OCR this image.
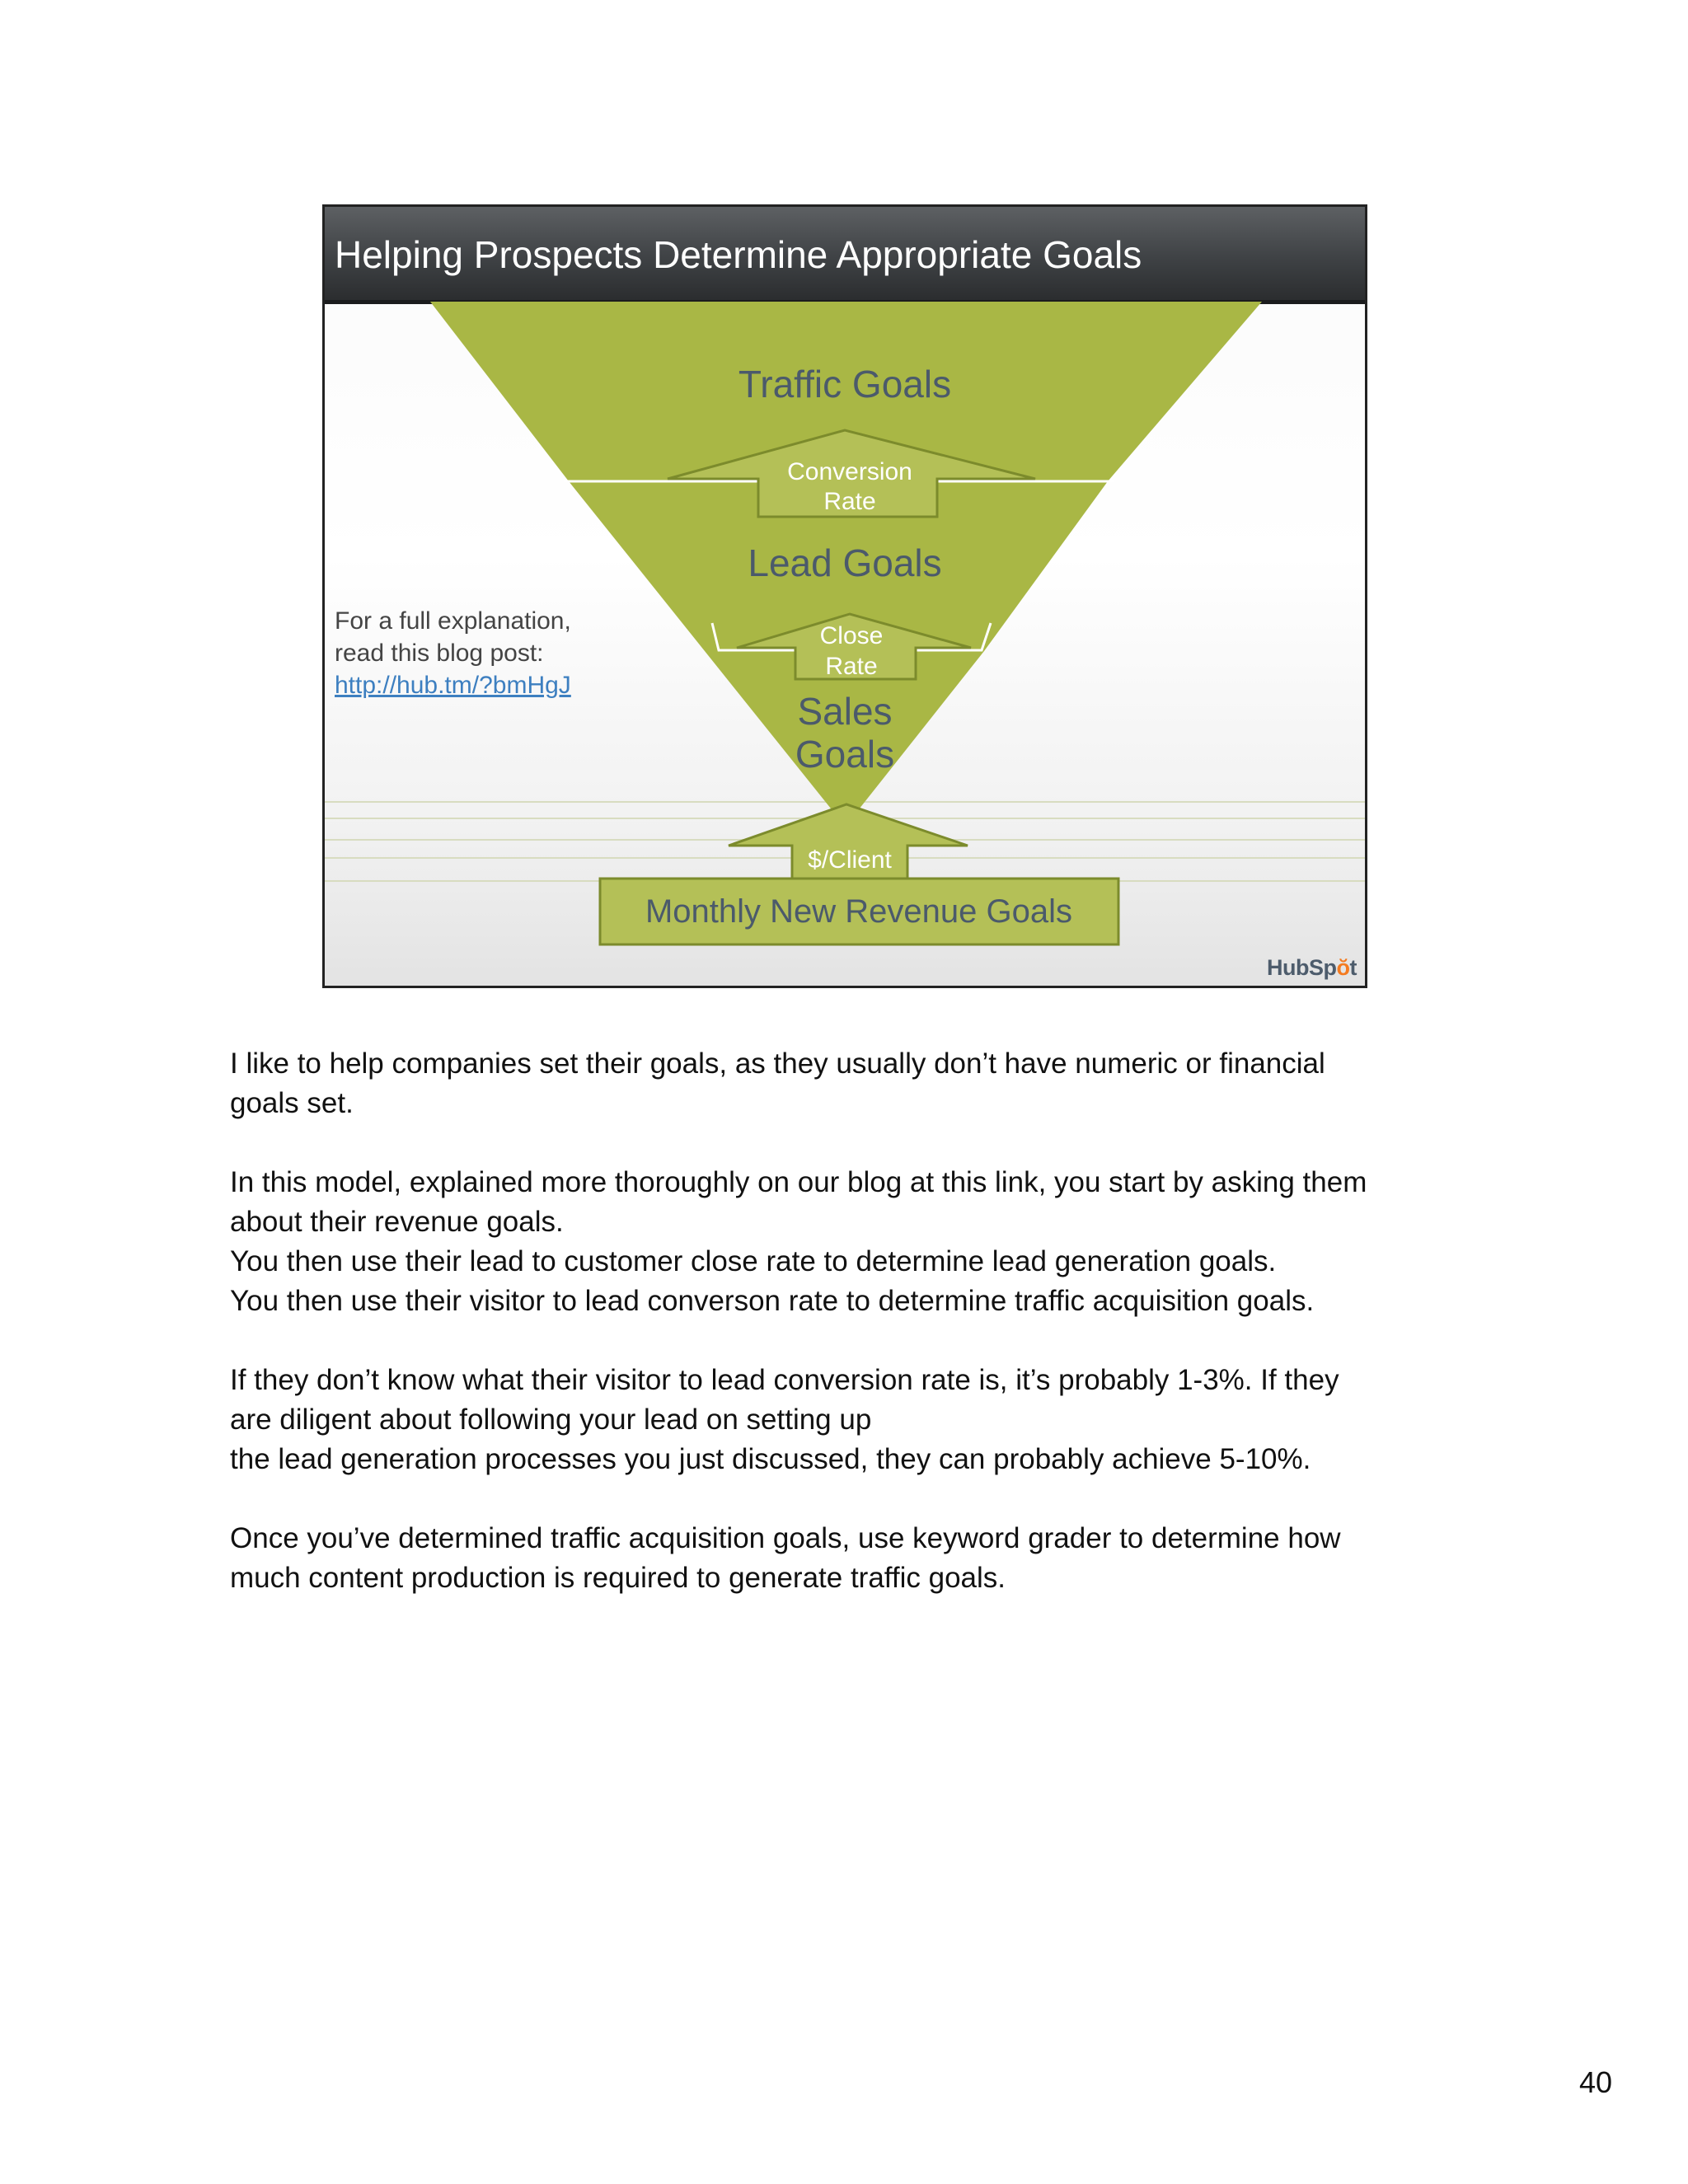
Helping Prospects Determine Appropriate Goals
Traffic Goals
Conversion
Rate
Lead Goals
Close
Rate
Sales
Goals
$/Client
Monthly New Revenue Goals
For a full explanation,
read this blog post:
http://hub.tm/?bmHgJ
HubSpŏt

I like to help companies set their goals, as they usually don’t have numeric or financial
goals set.

In this model, explained more thoroughly on our blog at this link, you start by asking them
about their revenue goals.
You then use their lead to customer close rate to determine lead generation goals.
You then use their visitor to lead converson rate to determine traffic acquisition goals.

If they don’t know what their visitor to lead conversion rate is, it’s probably 1-3%. If they
are diligent about following your lead on setting up
the lead generation processes you just discussed, they can probably achieve 5-10%.

Once you’ve determined traffic acquisition goals, use keyword grader to determine how
much content production is required to generate traffic goals.

40
